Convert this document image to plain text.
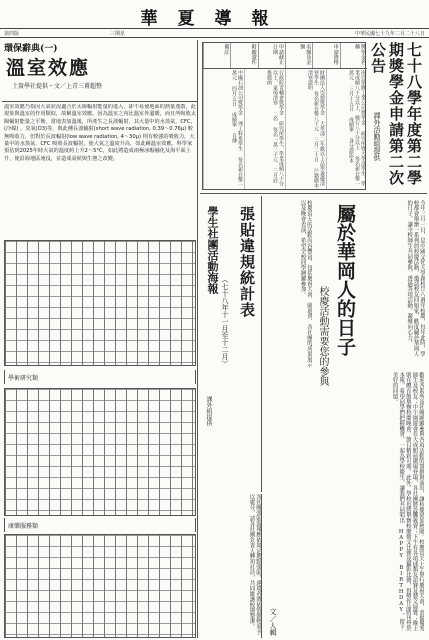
華夏導報
第四版	三期星	中華民國七十九年二月二十八日
環保辭典(一)
溫室效應
土資學社提供・文／上青三甫超整
溫室效應乃指因大氣狀況適合於太陽輻射能量的進入，卻不易使地面的熱量逸散，此現象與溫室的作用類似，故稱溫室效應。因為溫室之內比溫室外溫暖，而且所吸收太陽輻射能量之平衡，當地表加溫後，所產生之長波輻射，其大量中的水蒸氣，CFC，(冷媒) ，臭氧(O3)等，與此種長波輻射(short wave radiation, 0.39～0.76μ) 較無吸收力，但對於長波輻射(low wave radiation, 4～30μ) 則有較強的吸收力，大量中的水蒸氣、CFC 吸收長波輻射，使大氣之溫度升高，如此稱溫室效應。科學家預估到2025年時大氣的溫度約上升2～5°C，如此將造成兩極冰帽融化及海平面上升，使沿海地區淹沒，並造成氣候與生態之改變。
學術研究類
康樂服務類
七十八學年度第二學期獎學金申請第二次公告
課外活動組提供
獎學金名稱
申請資格
名額及金額
申請截止日期
附繳證件
備註
南亞塑膠工業公司獎學金 研究所暨大學部學生，學業成績八十分以上，操行八十分以上 每名新台幣一萬元 三月十五日 成績單 身分證影本
財團法人崇德獎學金 大學部二年級以上品學兼優清寒學生 每名新台幣八千元 三月二十日 戶籍謄本 清寒證明
行政院青輔會獎學金 研究所學生，學業成績八十分以上，家境清寒 二名 每名一萬二千元 三月底 推薦函
中國石油公司獎學金 理工科系學生 每名新台幣一萬元 四月五日 成績單 自傳
張貼違規統計表
學生社團活動海報
（七十八年十一月至十二月）
課外組提供
各社團張貼海報應依規定地點張貼，違規者將依情節輕重予以處分，請各社團負責人轉知社員，共同維護校園整潔。
今年三月一日，是中國文化大學創校廿八週年校慶，每年此時，學校都會舉辦一系列的校慶活動，邀請校友回娘家，歡度屬於華岡人的日子，讓全校師生共同參與，透過各項活動，凝聚向心力。
屬於華岡人的日子
校慶活動需要您的參與
校慶當天的活動內容豐富，包括慶祝大會、園遊會、各社團的成果展示以及晚會表演，希望全校同學踴躍參加。
歡迎各系所及社團踴躍參與各項活動的籌劃與演出，讓校慶更加熱鬧。校慶當天上午舉行慶祝大會，表揚優秀師生及校友；中午園遊會在大成館前廣場登場，各社團將設攤義賣；下午有各項球類友誼賽及藝文展覽；晚上則在體育館舉辦校慶晚會，節目精彩可期。此外，學校也將舉辦校慶徵文比賽及攝影比賽，得獎作品將刊登於本報，希望同學們把握機會，一起為學校慶生，讓我們共同唱出 HAPPY BIRTHDAY，留下美好的回憶。
文／人輯
